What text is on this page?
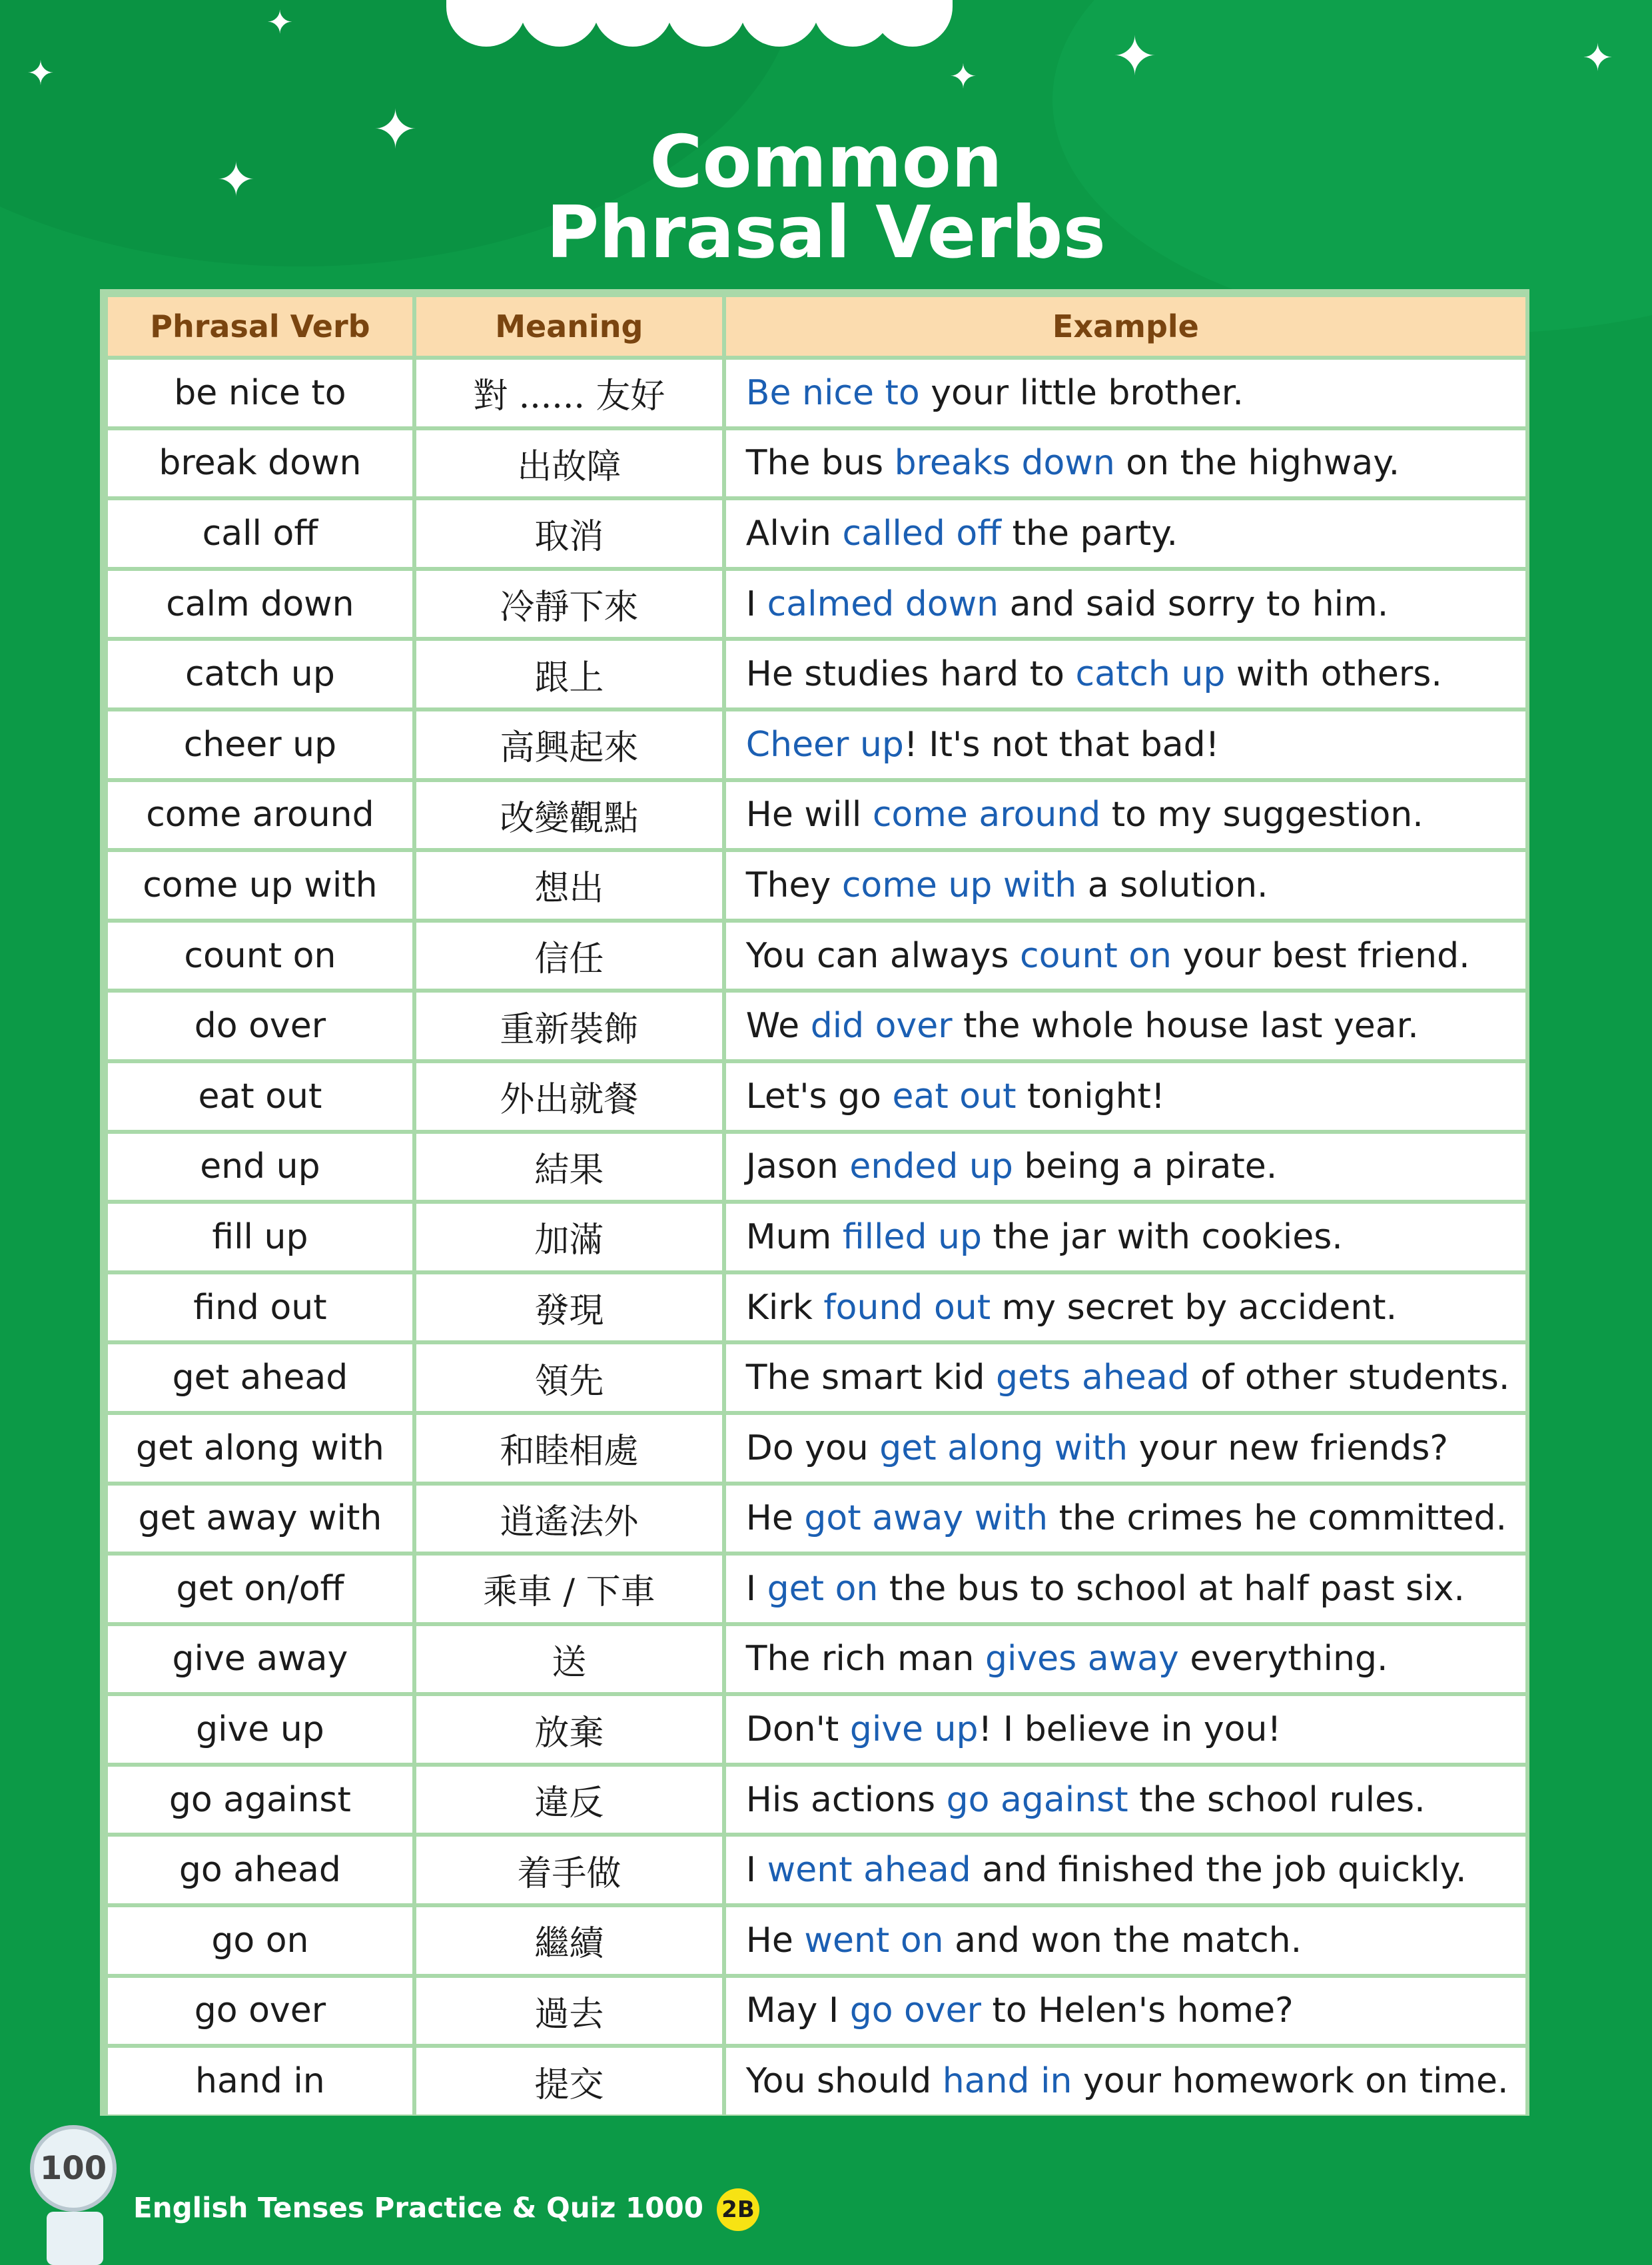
✦
✦
✦
✦
✦	✦	✦
Common
Phrasal Verbs
Phrasal Verb	Meaning	Example
be nice to	對 ...... 友好	Be nice to your little brother.
break down	出故障	The bus breaks down on the highway.
call off	取消	Alvin called off the party.
calm down	冷靜下來	I calmed down and said sorry to him.
catch up	跟上	He studies hard to catch up with others.
cheer up	高興起來	Cheer up! It's not that bad!
come around	改變觀點	He will come around to my suggestion.
come up with	想出	They come up with a solution.
count on	信任	You can always count on your best friend.
do over	重新裝飾	We did over the whole house last year.
eat out	外出就餐	Let's go eat out tonight!
end up	結果	Jason ended up being a pirate.
fill up	加滿	Mum filled up the jar with cookies.
find out	發現	Kirk found out my secret by accident.
get ahead	領先	The smart kid gets ahead of other students.
get along with	和睦相處	Do you get along with your new friends?
get away with	逍遙法外	He got away with the crimes he committed.
get on/off	乘車 / 下車	I get on the bus to school at half past six.
give away	送	The rich man gives away everything.
give up	放棄	Don't give up! I believe in you!
go against	違反	His actions go against the school rules.
go ahead	着手做	I went ahead and finished the job quickly.
go on	繼續	He went on and won the match.
go over	過去	May I go over to Helen's home?
hand in	提交	You should hand in your homework on time.
100
English Tenses Practice & Quiz 1000 2B
